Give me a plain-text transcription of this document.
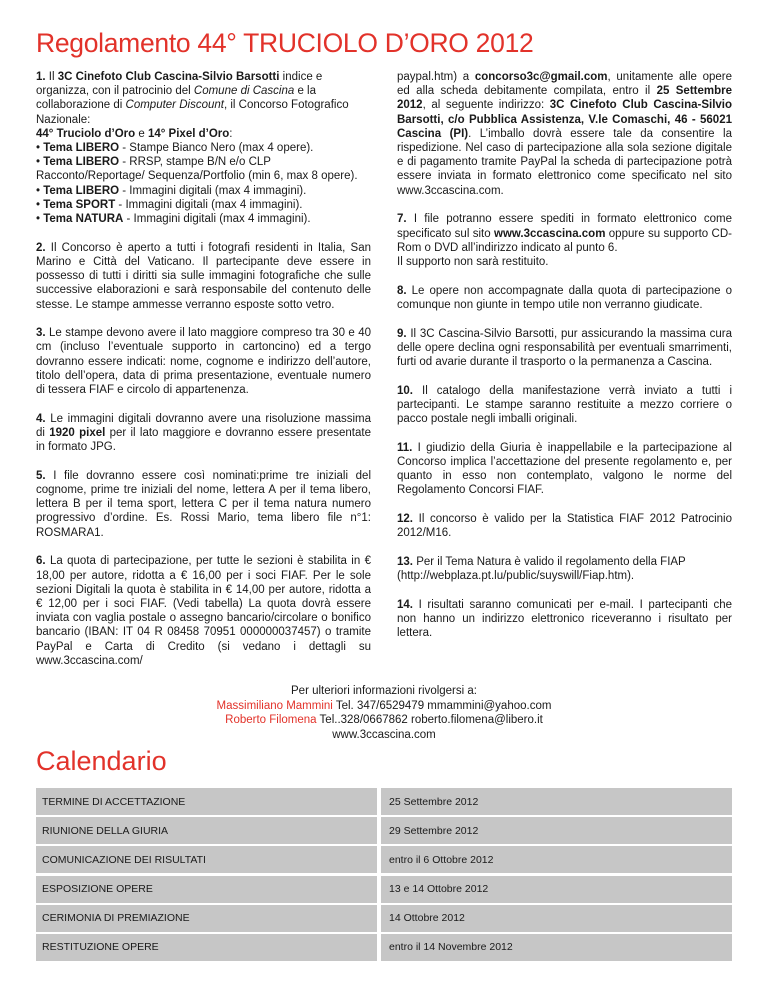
Regolamento 44° TRUCIOLO D’ORO 2012

1. Il 3C Cinefoto Club Cascina-Silvio Barsotti indice e organizza, con il patrocinio del Comune di Cascina e la collaborazione di Computer Discount, il Concorso Fotografico Nazionale:
44° Truciolo d’Oro e 14° Pixel d’Oro:
• Tema LIBERO - Stampe Bianco Nero (max 4 opere).
• Tema LIBERO - RRSP, stampe B/N e/o CLP Racconto/Reportage/ Sequenza/Portfolio (min 6, max 8 opere).
• Tema LIBERO - Immagini digitali (max 4 immagini).
• Tema SPORT - Immagini digitali (max 4 immagini).
• Tema NATURA - Immagini digitali (max 4 immagini).

2. Il Concorso è aperto a tutti i fotografi residenti in Italia, San Marino e Città del Vaticano. Il partecipante deve essere in possesso di tutti i diritti sia sulle immagini fotografiche che sulle successive elaborazioni e sarà responsabile del contenuto delle stesse. Le stampe ammesse verranno esposte sotto vetro.

3. Le stampe devono avere il lato maggiore compreso tra 30 e 40 cm (incluso l’eventuale supporto in cartoncino) ed a tergo dovranno essere indicati: nome, cognome e indirizzo dell’autore, titolo dell’opera, data di prima presentazione, eventuale numero di tessera FIAF e circolo di appartenenza.

4. Le immagini digitali dovranno avere una risoluzione massima di 1920 pixel per il lato maggiore e dovranno essere presentate in formato JPG.

5. I file dovranno essere così nominati:prime tre iniziali del cognome, prime tre iniziali del nome, lettera A per il tema libero, lettera B per il tema sport, lettera C per il tema natura numero progressivo d’ordine. Es. Rossi Mario, tema libero file n°1: ROSMARA1.

6. La quota di partecipazione, per tutte le sezioni è stabilita in € 18,00 per autore, ridotta a € 16,00 per i soci FIAF. Per le sole sezioni Digitali la quota è stabilita in € 14,00 per autore, ridotta a € 12,00 per i soci FIAF. (Vedi tabella) La quota dovrà essere inviata con vaglia postale o assegno bancario/circolare o bonifico bancario (IBAN: IT 04 R 08458 70951 000000037457) o tramite PayPal e Carta di Credito (si vedano i dettagli su www.3ccascina.com/

paypal.htm) a concorso3c@gmail.com, unitamente alle opere ed alla scheda debitamente compilata, entro il 25 Settembre 2012, al seguente indirizzo: 3C Cinefoto Club Cascina-Silvio Barsotti, c/o Pubblica Assistenza, V.le Comaschi, 46 - 56021 Cascina (PI). L’imballo dovrà essere tale da consentire la rispedizione. Nel caso di partecipazione alla sola sezione digitale e di pagamento tramite PayPal la scheda di partecipazione potrà essere inviata in formato elettronico come specificato nel sito www.3ccascina.com.

7. I file potranno essere spediti in formato elettronico come specificato sul sito www.3ccascina.com oppure su supporto CD-Rom o DVD all’indirizzo indicato al punto 6.
Il supporto non sarà restituito.

8. Le opere non accompagnate dalla quota di partecipazione o comunque non giunte in tempo utile non verranno giudicate.

9. Il 3C Cascina-Silvio Barsotti, pur assicurando la massima cura delle opere declina ogni responsabilità per eventuali smarrimenti, furti od avarie durante il trasporto o la permanenza a Cascina.

10. Il catalogo della manifestazione verrà inviato a tutti i partecipanti. Le stampe saranno restituite a mezzo corriere o pacco postale negli imballi originali.

11. I giudizio della Giuria è inappellabile e la partecipazione al Concorso implica l’accettazione del presente regolamento e, per quanto in esso non contemplato, valgono le norme del Regolamento Concorsi FIAF.

12. Il concorso è valido per la Statistica FIAF 2012 Patrocinio 2012/M16.

13. Per il Tema Natura è valido il regolamento della FIAP (http://webplaza.pt.lu/public/suyswill/Fiap.htm).

14. I risultati saranno comunicati per e-mail. I partecipanti che non hanno un indirizzo elettronico riceveranno i risultato per lettera.

Per ulteriori informazioni rivolgersi a:
Massimiliano Mammini Tel. 347/6529479 mmammini@yahoo.com
Roberto Filomena Tel..328/0667862 roberto.filomena@libero.it
www.3ccascina.com
Calendario
TERMINE DI ACCETTAZIONE	25 Settembre 2012
RIUNIONE DELLA GIURIA	29 Settembre 2012
COMUNICAZIONE DEI RISULTATI	entro il 6 Ottobre 2012
ESPOSIZIONE OPERE	13 e 14 Ottobre 2012
CERIMONIA DI PREMIAZIONE	14 Ottobre 2012
RESTITUZIONE OPERE	entro il 14 Novembre 2012
